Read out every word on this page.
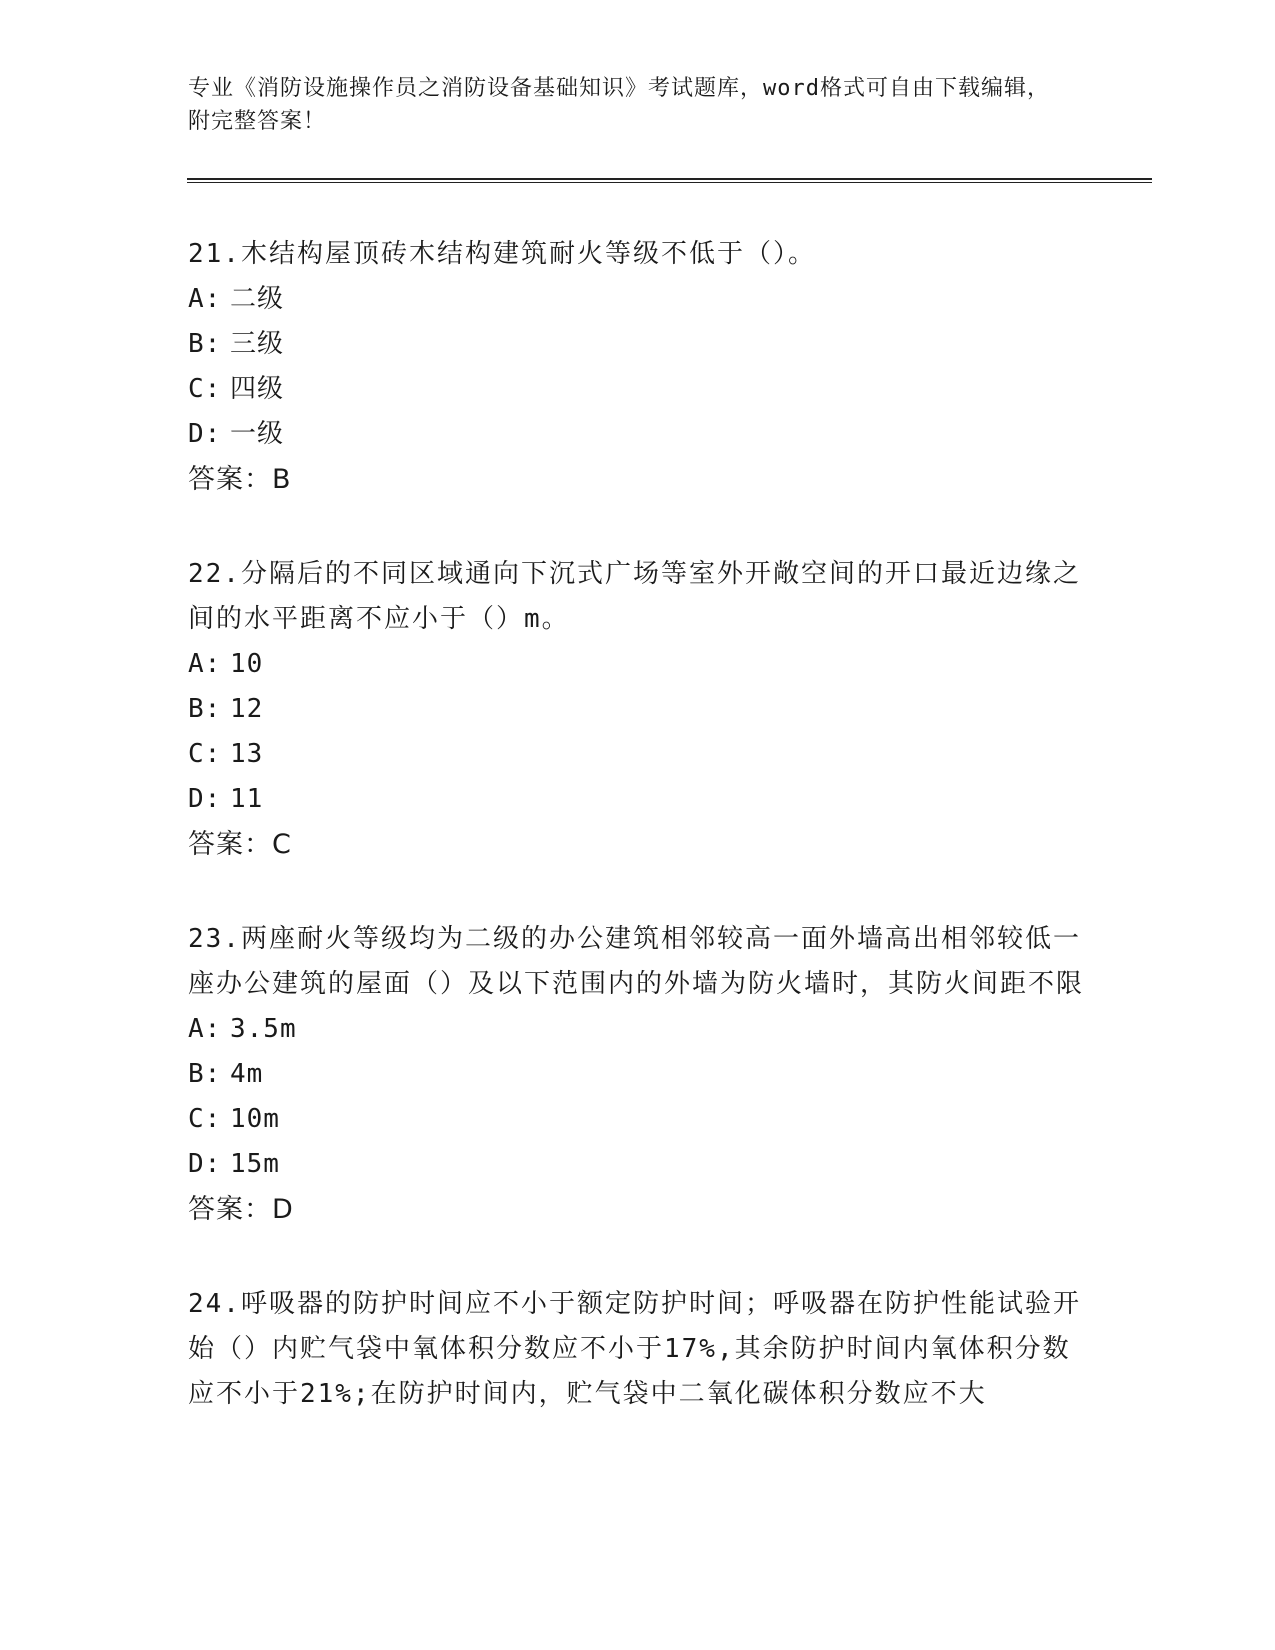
专业《消防设施操作员之消防设备基础知识》考试题库，word格式可自由下载编辑，附完整答案！

21.木结构屋顶砖木结构建筑耐火等级不低于（）。

A: 二级

B: 三级

C: 四级

D: 一级

答案：B

22.分隔后的不同区域通向下沉式广场等室外开敞空间的开口最近边缘之间的水平距离不应小于（）m。

A: 10

B: 12

C: 13

D: 11

答案：C

23.两座耐火等级均为二级的办公建筑相邻较高一面外墙高出相邻较低一座办公建筑的屋面（）及以下范围内的外墙为防火墙时，其防火间距不限

A: 3.5m

B: 4m

C: 10m

D: 15m

答案：D

24.呼吸器的防护时间应不小于额定防护时间；呼吸器在防护性能试验开始（）内贮气袋中氧体积分数应不小于17%,其余防护时间内氧体积分数应不小于21%;在防护时间内，贮气袋中二氧化碳体积分数应不大
